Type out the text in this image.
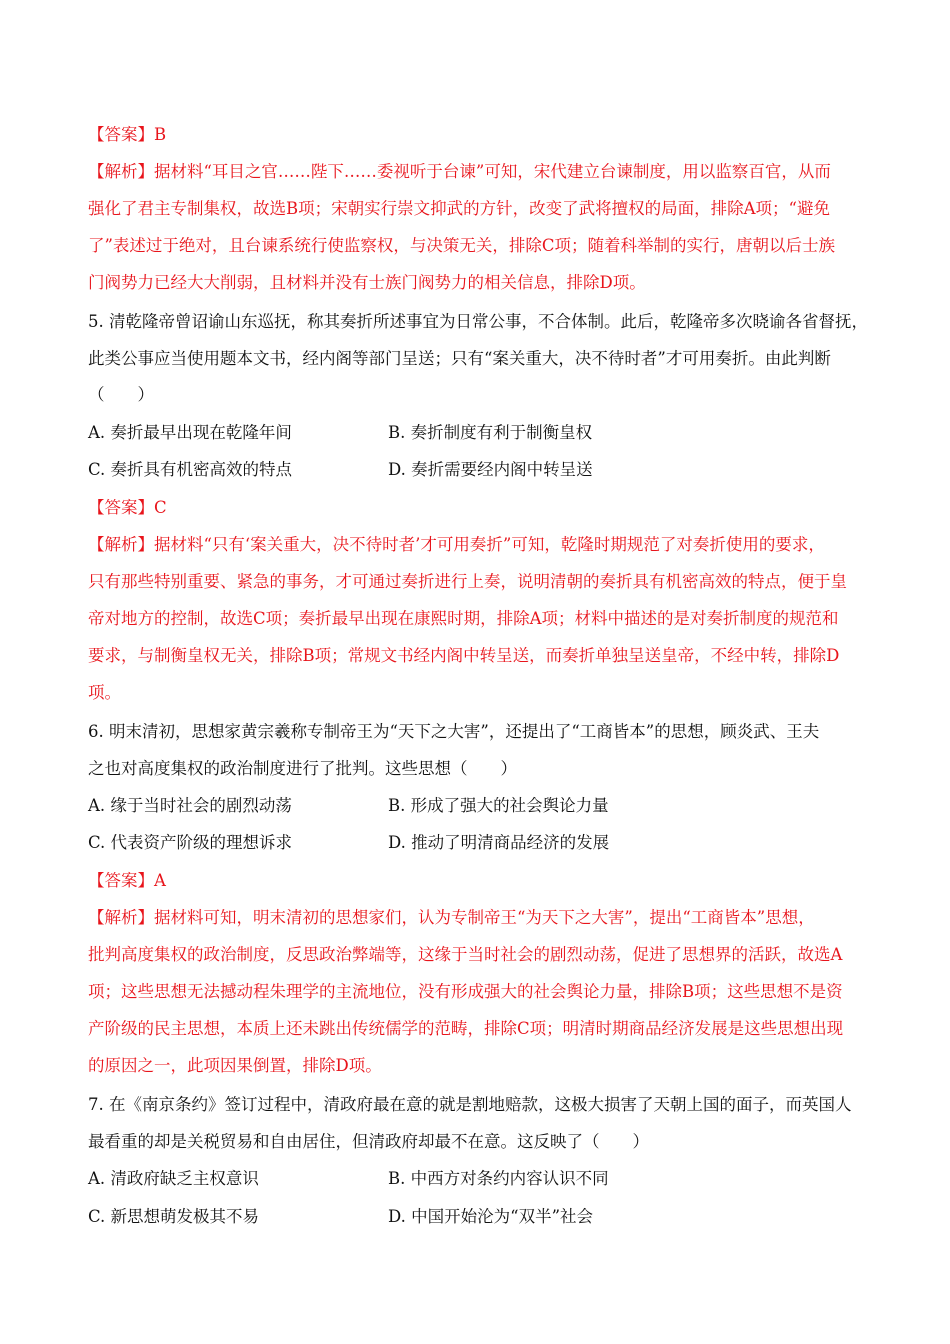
【答案】B
【解析】据材料“耳目之官……陛下……委视听于台谏”可知，宋代建立台谏制度，用以监察百官，从而
强化了君主专制集权，故选B项；宋朝实行崇文抑武的方针，改变了武将擅权的局面，排除A项；“避免
了”表述过于绝对，且台谏系统行使监察权，与决策无关，排除C项；随着科举制的实行，唐朝以后士族
门阀势力已经大大削弱，且材料并没有士族门阀势力的相关信息，排除D项。
5. 清乾隆帝曾诏谕山东巡抚，称其奏折所述事宜为日常公事，不合体制。此后，乾隆帝多次晓谕各省督抚，
此类公事应当使用题本文书，经内阁等部门呈送；只有“案关重大，决不待时者”才可用奏折。由此判断
（　　）
A. 奏折最早出现在乾隆年间	B. 奏折制度有利于制衡皇权
C. 奏折具有机密高效的特点	D. 奏折需要经内阁中转呈送
【答案】C
【解析】据材料“只有‘案关重大，决不待时者’才可用奏折”可知，乾隆时期规范了对奏折使用的要求，
只有那些特别重要、紧急的事务，才可通过奏折进行上奏，说明清朝的奏折具有机密高效的特点，便于皇
帝对地方的控制，故选C项；奏折最早出现在康熙时期，排除A项；材料中描述的是对奏折制度的规范和
要求，与制衡皇权无关，排除B项；常规文书经内阁中转呈送，而奏折单独呈送皇帝，不经中转，排除D
项。
6. 明末清初，思想家黄宗羲称专制帝王为“天下之大害”，还提出了“工商皆本”的思想，顾炎武、王夫
之也对高度集权的政治制度进行了批判。这些思想（　　）
A. 缘于当时社会的剧烈动荡	B. 形成了强大的社会舆论力量
C. 代表资产阶级的理想诉求	D. 推动了明清商品经济的发展
【答案】A
【解析】据材料可知，明末清初的思想家们，认为专制帝王“为天下之大害”，提出“工商皆本”思想，
批判高度集权的政治制度，反思政治弊端等，这缘于当时社会的剧烈动荡，促进了思想界的活跃，故选A
项；这些思想无法撼动程朱理学的主流地位，没有形成强大的社会舆论力量，排除B项；这些思想不是资
产阶级的民主思想，本质上还未跳出传统儒学的范畴，排除C项；明清时期商品经济发展是这些思想出现
的原因之一，此项因果倒置，排除D项。
7. 在《南京条约》签订过程中，清政府最在意的就是割地赔款，这极大损害了天朝上国的面子，而英国人
最看重的却是关税贸易和自由居住，但清政府却最不在意。这反映了（　　）
A. 清政府缺乏主权意识	B. 中西方对条约内容认识不同
C. 新思想萌发极其不易	D. 中国开始沦为“双半”社会
